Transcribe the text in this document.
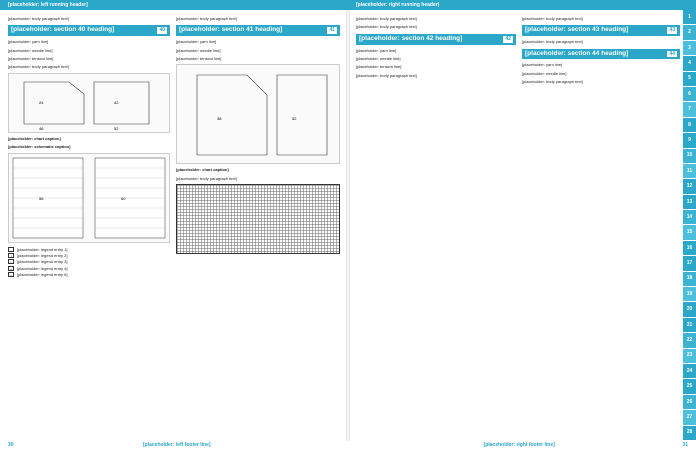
[placeholder: left running header]	[placeholder: right running header]

[placeholder: body paragraph text]

[placeholder: section 40 heading]	40

[placeholder: yarn line]

[placeholder: needle line]

[placeholder: tension line]

[placeholder: body paragraph text]

24	42
46	52

[placeholder: chart caption]

[placeholder: schematic caption]

56	60
[placeholder: legend entry 1]
/	[placeholder: legend entry 2]
\	[placeholder: legend entry 3]
o	[placeholder: legend entry 4]
•	[placeholder: legend entry 5]

[placeholder: body paragraph text]

[placeholder: section 41 heading]	41

[placeholder: yarn line]

[placeholder: needle line]

[placeholder: tension line]

38	52

[placeholder: chart caption]

[placeholder: body paragraph text]

[placeholder: body paragraph text]

[placeholder: body paragraph text]

[placeholder: section 42 heading]	42

[placeholder: yarn line]

[placeholder: needle line]

[placeholder: tension line]

[placeholder: body paragraph text]

[placeholder: body paragraph text]

[placeholder: section 43 heading]	43

[placeholder: body paragraph text]

[placeholder: section 44 heading]	44

[placeholder: yarn line]

[placeholder: needle line]

[placeholder: body paragraph text]

1
2
3
4
5
6
7
8
9
10
11
12
13
14
15
16
17
18
19
20
21
22
23
24
25
26
27
28
30	[placeholder: left footer line]	[placeholder: right footer line]	31
